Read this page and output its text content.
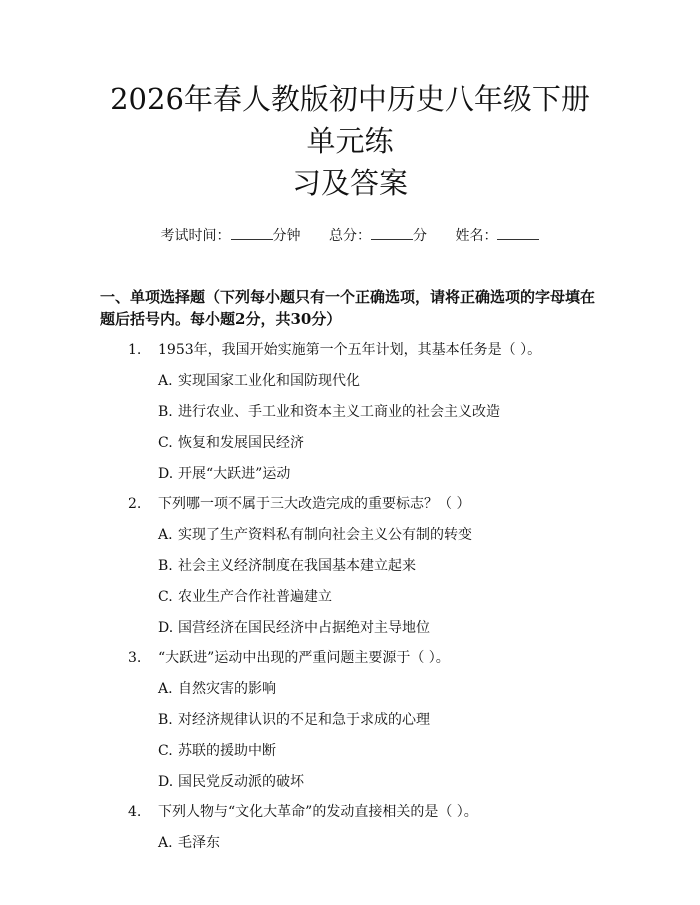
2026年春人教版初中历史八年级下册单元练
习及答案
考试时间：	分钟 总分：	分 姓名：
一、单项选择题（下列每小题只有一个正确选项，请将正确选项的字母填在题后括号内。每小题2分，共30分）
1.	1953年，我国开始实施第一个五年计划，其基本任务是（ ）。
A. 实现国家工业化和国防现代化
B. 进行农业、手工业和资本主义工商业的社会主义改造
C. 恢复和发展国民经济
D. 开展“大跃进”运动
2.	下列哪一项不属于三大改造完成的重要标志？（ ）
A. 实现了生产资料私有制向社会主义公有制的转变
B. 社会主义经济制度在我国基本建立起来
C. 农业生产合作社普遍建立
D. 国营经济在国民经济中占据绝对主导地位
3.	“大跃进”运动中出现的严重问题主要源于（ ）。
A. 自然灾害的影响
B. 对经济规律认识的不足和急于求成的心理
C. 苏联的援助中断
D. 国民党反动派的破坏
4.	下列人物与“文化大革命”的发动直接相关的是（ ）。
A. 毛泽东
